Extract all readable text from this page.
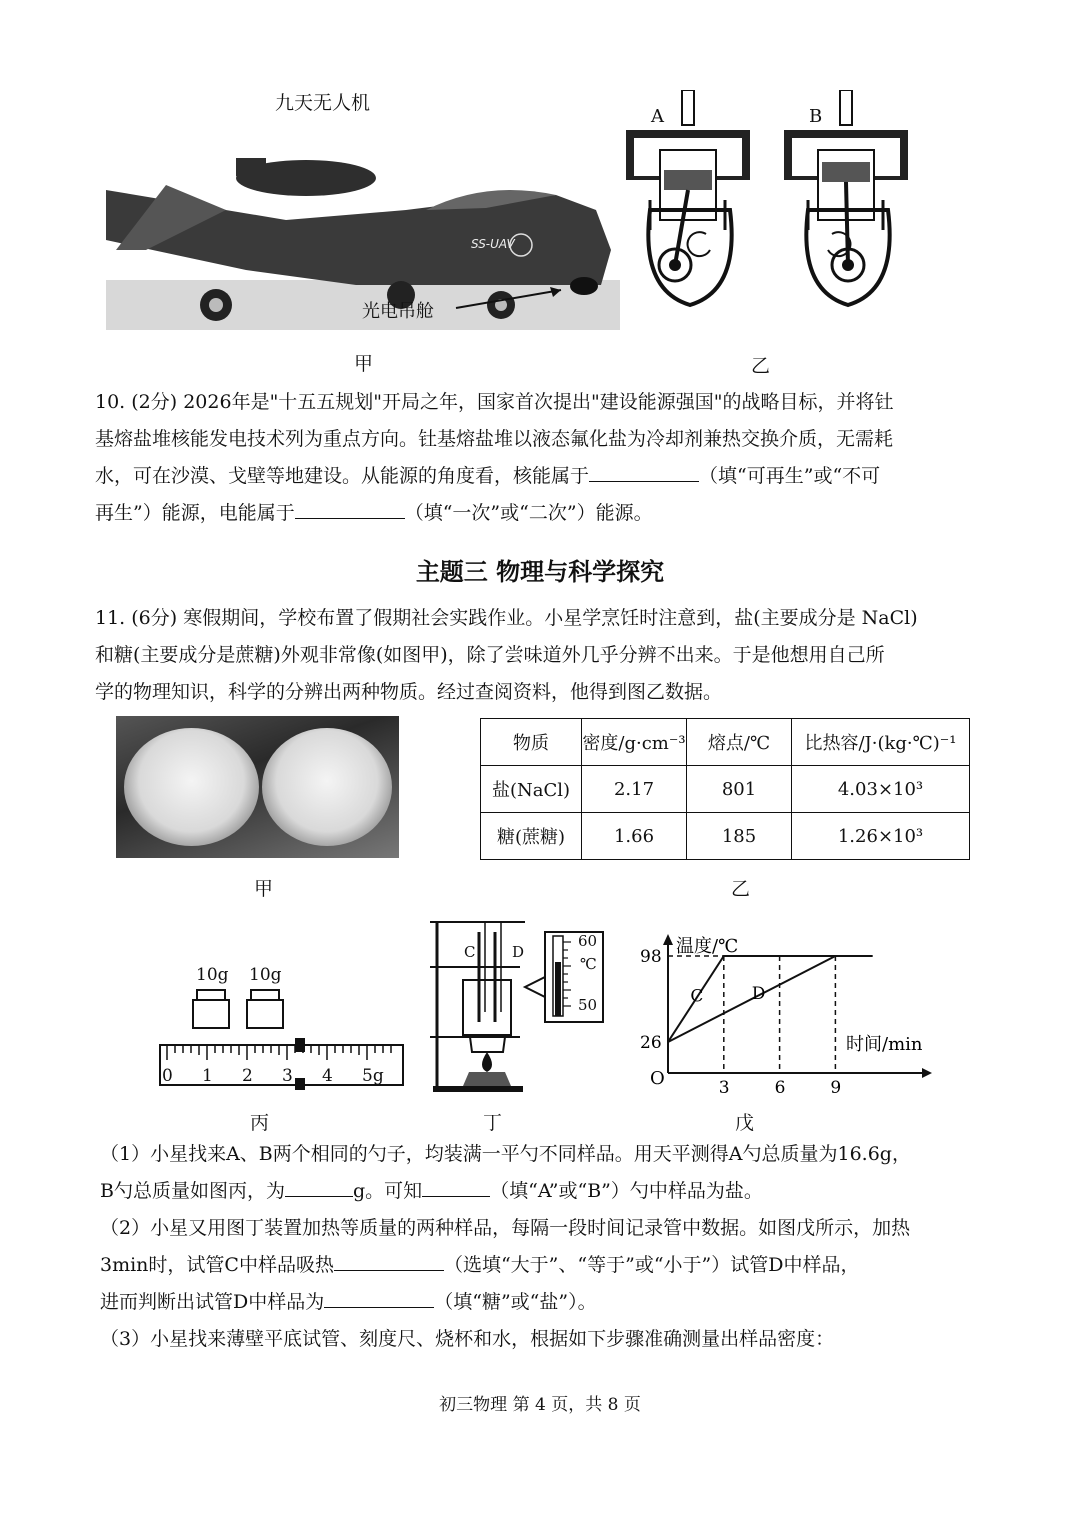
九天无人机
SS-UAV
光电吊舱
甲
A	B
乙
10. (2分) 2026年是"十五五规划"开局之年，国家首次提出"建设能源强国"的战略目标，并将钍
基熔盐堆核能发电技术列为重点方向。钍基熔盐堆以液态氟化盐为冷却剂兼热交换介质，无需耗
水，可在沙漠、戈壁等地建设。从能源的角度看，核能属于	（填“可再生”或“不可
再生”）能源，电能属于	（填“一次”或“二次”）能源。
主题三 物理与科学探究
11. (6分) 寒假期间，学校布置了假期社会实践作业。小星学烹饪时注意到，盐(主要成分是 NaCl)
和糖(主要成分是蔗糖)外观非常像(如图甲)，除了尝味道外几乎分辨不出来。于是他想用自己所
学的物理知识，科学的分辨出两种物质。经过查阅资料，他得到图乙数据。
甲
物质	密度/g·cm⁻³	熔点/℃	比热容/J·(kg·℃)⁻¹
盐(NaCl)	2.17	801	4.03×10³
糖(蔗糖)	1.66	185	1.26×10³
乙
10g 10g
0 1 2 3 4 5g
丙
C D
60
℃
50
丁
温度/℃
时间/min
O
26
98
3	6	9
C	D
戊
（1）小星找来A、B两个相同的勺子，均装满一平勺不同样品。用天平测得A勺总质量为16.6g，
B勺总质量如图丙，为	g。可知	（填“A”或“B”）勺中样品为盐。
（2）小星又用图丁装置加热等质量的两种样品，每隔一段时间记录管中数据。如图戊所示，加热
3min时，试管C中样品吸热	（选填“大于”、“等于”或“小于”）试管D中样品，
进而判断出试管D中样品为	（填“糖”或“盐”）。
（3）小星找来薄壁平底试管、刻度尺、烧杯和水，根据如下步骤准确测量出样品密度：
初三物理 第 4 页，共 8 页
